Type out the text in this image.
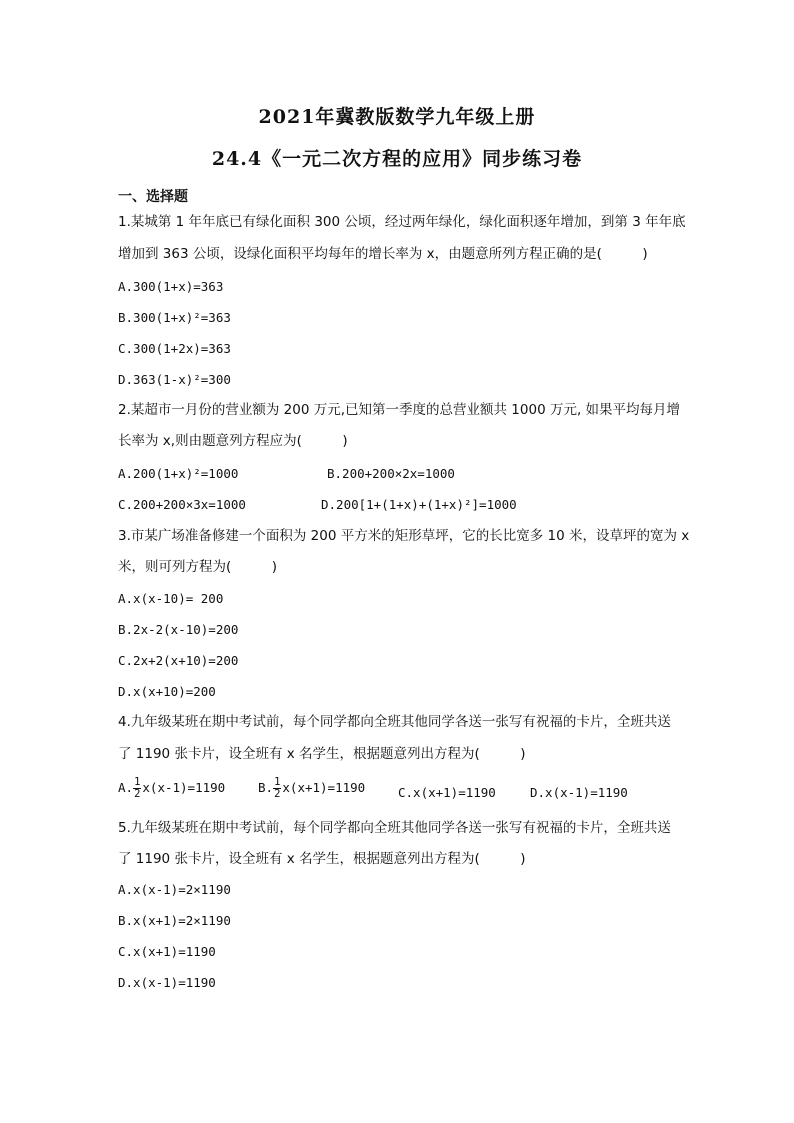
2021年冀教版数学九年级上册
24.4《一元二次方程的应用》同步练习卷
一、选择题
1.某城第 1 年年底已有绿化面积 300 公顷，经过两年绿化，绿化面积逐年增加，到第 3 年年底
增加到 363 公顷，设绿化面积平均每年的增长率为 x，由题意所列方程正确的是(　　　)
A.300(1+x)=363
B.300(1+x)²=363
C.300(1+2x)=363
D.363(1-x)²=300
2.某超市一月份的营业额为 200 万元,已知第一季度的总营业额共 1000 万元, 如果平均每月增
长率为 x,则由题意列方程应为(　　　)
A.200(1+x)²=1000	B.200+200×2x=1000
C.200+200×3x=1000	D.200[1+(1+x)+(1+x)²]=1000
3.市某广场准备修建一个面积为 200 平方米的矩形草坪，它的长比宽多 10 米，设草坪的宽为 x
米，则可列方程为(　　　)
A.x(x-10)= 200
B.2x-2(x-10)=200
C.2x+2(x+10)=200
D.x(x+10)=200
4.九年级某班在期中考试前，每个同学都向全班其他同学各送一张写有祝福的卡片，全班共送
了 1190 张卡片，设全班有 x 名学生，根据题意列出方程为(　　　)
A. $\frac{1}{2} x(x-1)=1190$	B. $\frac{1}{2} x(x+1)=1190$	C.x(x+1)=1190	D.x(x-1)=1190
5.九年级某班在期中考试前，每个同学都向全班其他同学各送一张写有祝福的卡片，全班共送
了 1190 张卡片，设全班有 x 名学生，根据题意列出方程为(　　　)
A.x(x-1)=2×1190
B.x(x+1)=2×1190
C.x(x+1)=1190
D.x(x-1)=1190
